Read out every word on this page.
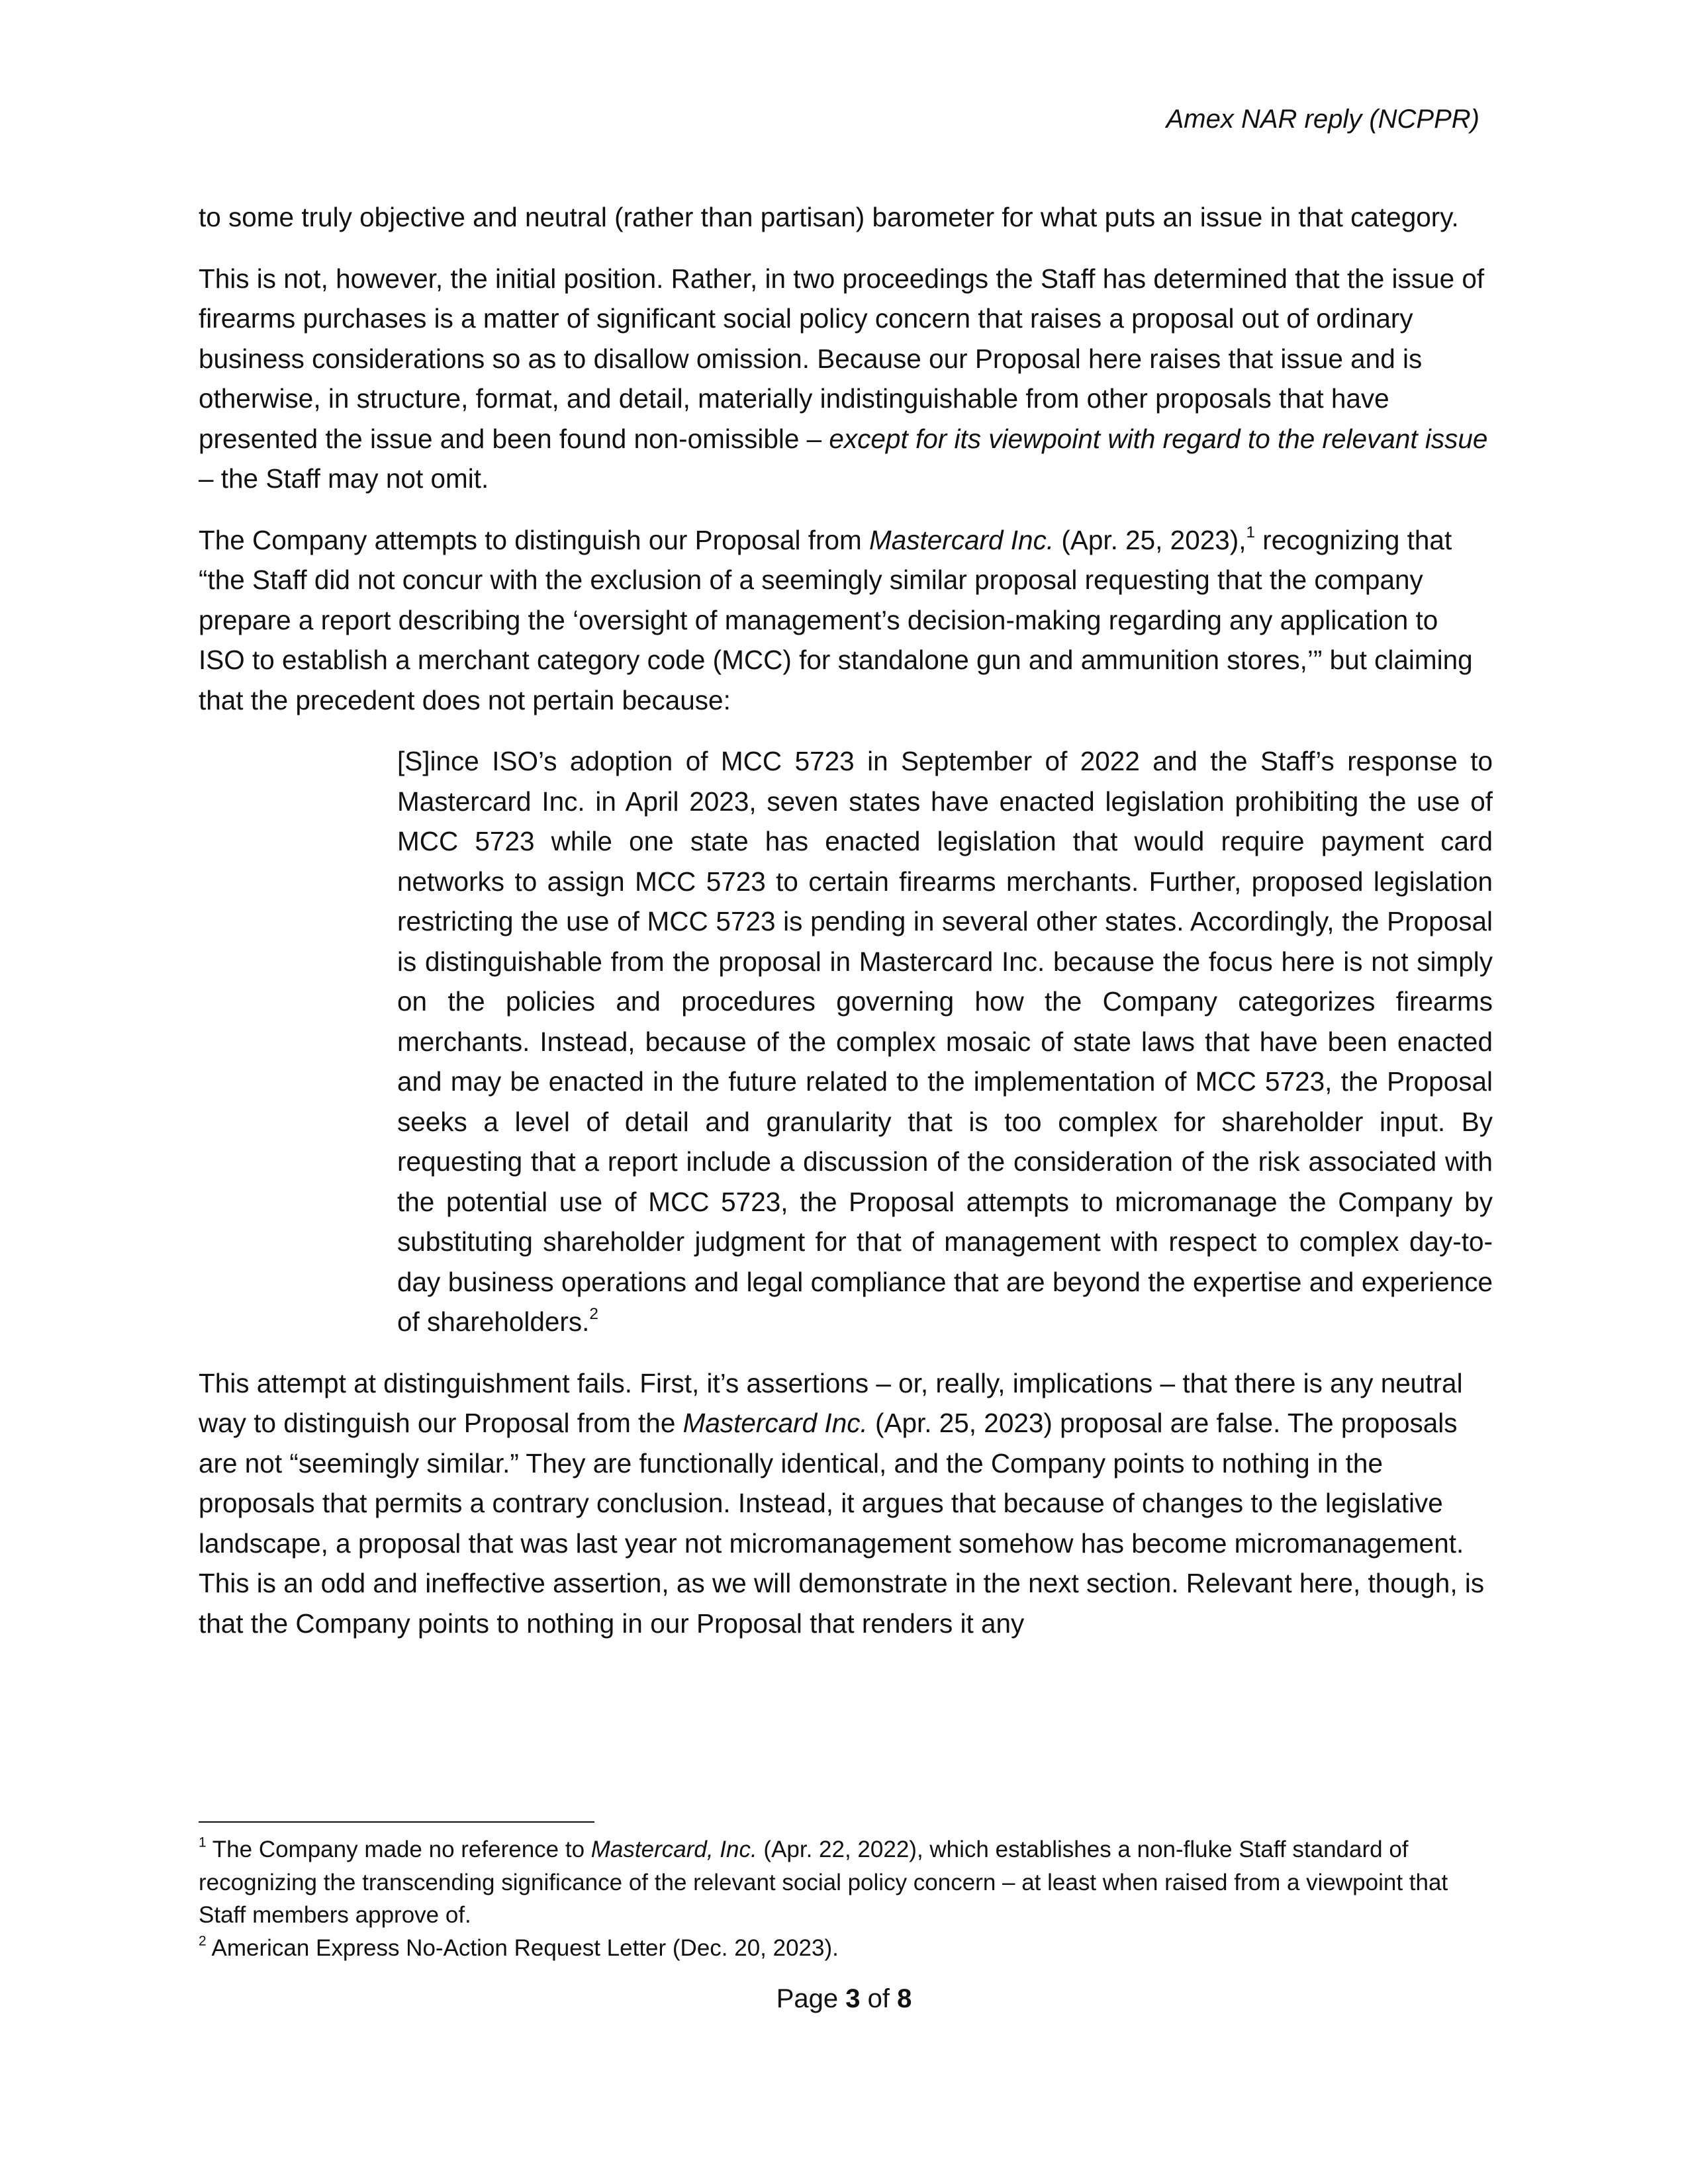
Amex NAR reply (NCPPR)

to some truly objective and neutral (rather than partisan) barometer for what puts an issue in that category.

This is not, however, the initial position. Rather, in two proceedings the Staff has determined that the issue of firearms purchases is a matter of significant social policy concern that raises a proposal out of ordinary business considerations so as to disallow omission. Because our Proposal here raises that issue and is otherwise, in structure, format, and detail, materially indistinguishable from other proposals that have presented the issue and been found non-omissible – except for its viewpoint with regard to the relevant issue – the Staff may not omit.

The Company attempts to distinguish our Proposal from Mastercard Inc. (Apr. 25, 2023),$^1$ recognizing that “the Staff did not concur with the exclusion of a seemingly similar proposal requesting that the company prepare a report describing the ‘oversight of management’s decision-making regarding any application to ISO to establish a merchant category code (MCC) for standalone gun and ammunition stores,’” but claiming that the precedent does not pertain because:

[S]ince ISO’s adoption of MCC 5723 in September of 2022 and the Staff’s response to Mastercard Inc. in April 2023, seven states have enacted legislation prohibiting the use of MCC 5723 while one state has enacted legislation that would require payment card networks to assign MCC 5723 to certain firearms merchants. Further, proposed legislation restricting the use of MCC 5723 is pending in several other states. Accordingly, the Proposal is distinguishable from the proposal in Mastercard Inc. because the focus here is not simply on the policies and procedures governing how the Company categorizes firearms merchants. Instead, because of the complex mosaic of state laws that have been enacted and may be enacted in the future related to the implementation of MCC 5723, the Proposal seeks a level of detail and granularity that is too complex for shareholder input. By requesting that a report include a discussion of the consideration of the risk associated with the potential use of MCC 5723, the Proposal attempts to micromanage the Company by substituting shareholder judgment for that of management with respect to complex day-to-day business operations and legal compliance that are beyond the expertise and experience of shareholders.$^2$

This attempt at distinguishment fails. First, it’s assertions – or, really, implications – that there is any neutral way to distinguish our Proposal from the Mastercard Inc. (Apr. 25, 2023) proposal are false. The proposals are not “seemingly similar.” They are functionally identical, and the Company points to nothing in the proposals that permits a contrary conclusion. Instead, it argues that because of changes to the legislative landscape, a proposal that was last year not micromanagement somehow has become micromanagement. This is an odd and ineffective assertion, as we will demonstrate in the next section. Relevant here, though, is that the Company points to nothing in our Proposal that renders it any

$^1$ The Company made no reference to Mastercard, Inc. (Apr. 22, 2022), which establishes a non-fluke Staff standard of recognizing the transcending significance of the relevant social policy concern – at least when raised from a viewpoint that Staff members approve of.

$^2$ American Express No-Action Request Letter (Dec. 20, 2023).

Page 3 of 8
